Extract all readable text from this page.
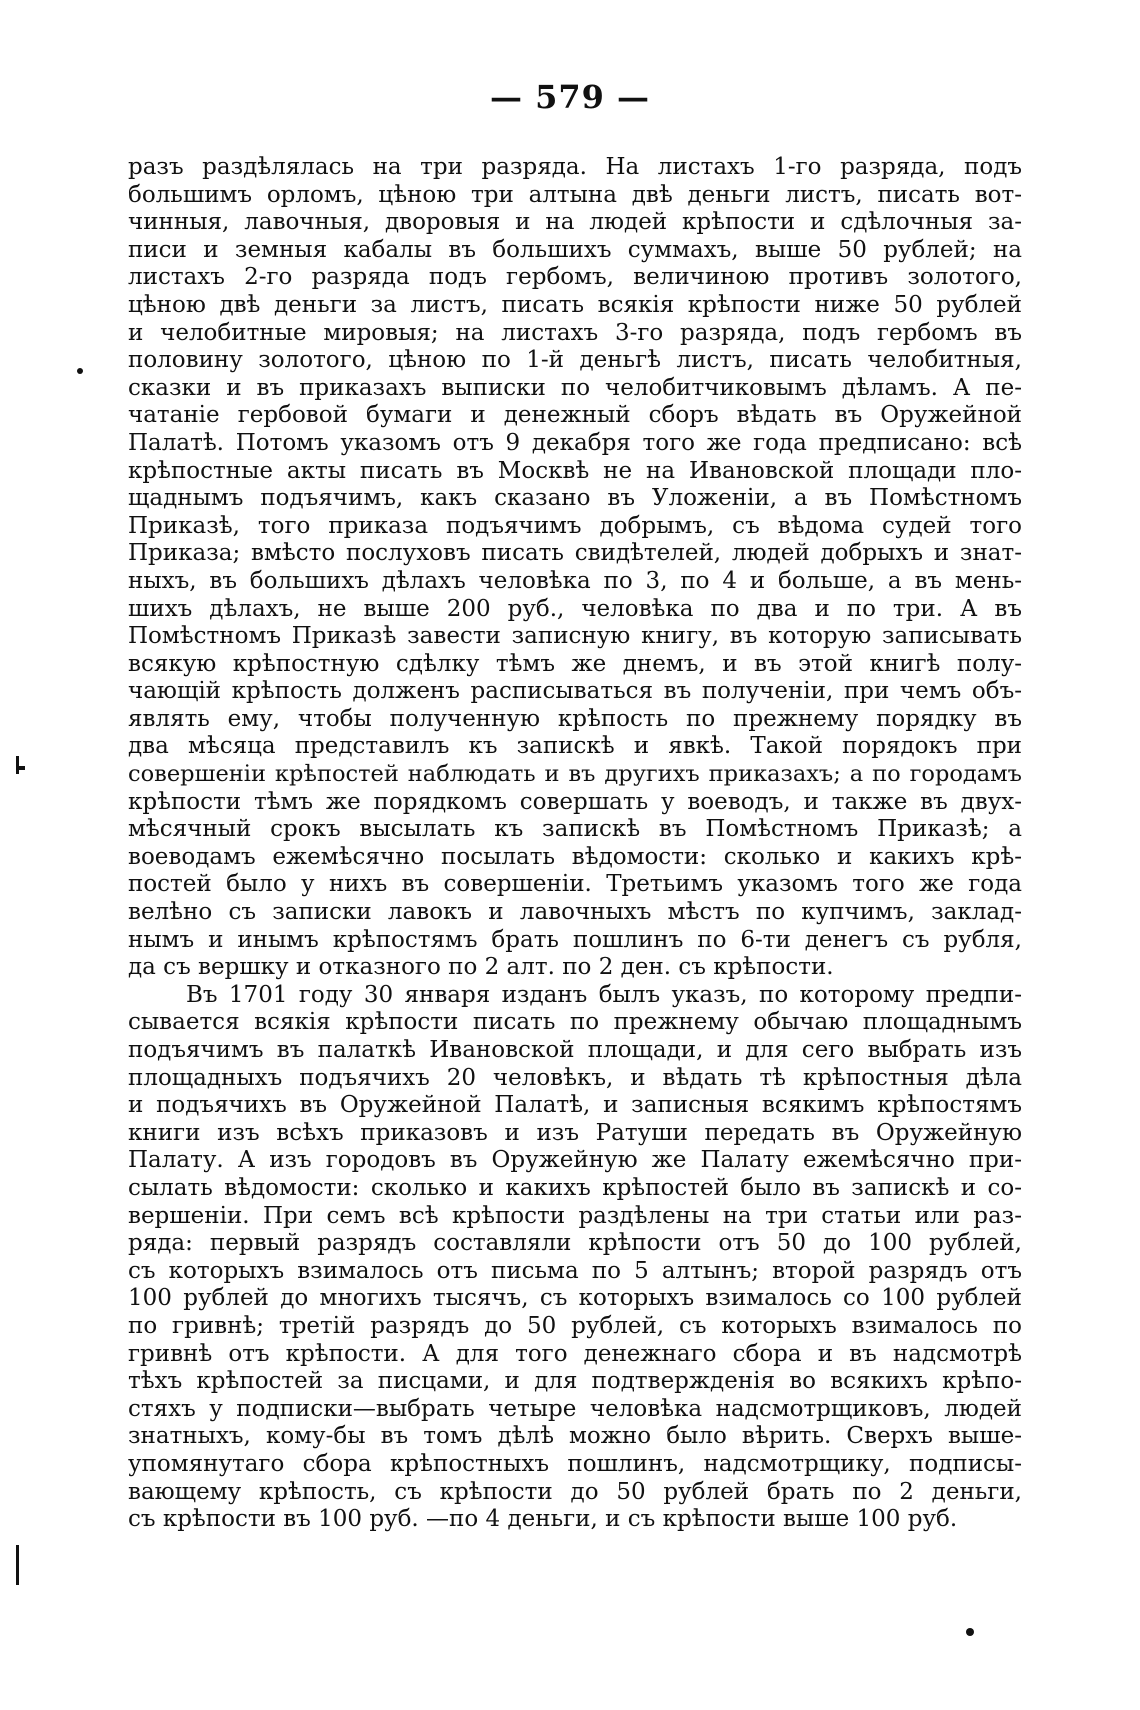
— 579 —
разъ раздѣлялась на три разряда. На листахъ 1-го разряда, подъ
большимъ орломъ, цѣною три алтына двѣ деньги листъ, писать вот-
чинныя, лавочныя, дворовыя и на людей крѣпости и сдѣлочныя за-
писи и земныя кабалы въ большихъ суммахъ, выше 50 рублей; на
листахъ 2-го разряда подъ гербомъ, величиною противъ золотого,
цѣною двѣ деньги за листъ, писать всякія крѣпости ниже 50 рублей
и челобитные мировыя; на листахъ 3-го разряда, подъ гербомъ въ
половину золотого, цѣною по 1-й деньгѣ листъ, писать челобитныя,
сказки и въ приказахъ выписки по челобитчиковымъ дѣламъ. А пе-
чатаніе гербовой бумаги и денежный сборъ вѣдать въ Оружейной
Палатѣ. Потомъ указомъ отъ 9 декабря того же года предписано: всѣ
крѣпостные акты писать въ Москвѣ не на Ивановской площади пло-
щаднымъ подъячимъ, какъ сказано въ Уложеніи, а въ Помѣстномъ
Приказѣ, того приказа подъячимъ добрымъ, съ вѣдома судей того
Приказа; вмѣсто послуховъ писать свидѣтелей, людей добрыхъ и знат-
ныхъ, въ большихъ дѣлахъ человѣка по 3, по 4 и больше, а въ мень-
шихъ дѣлахъ, не выше 200 руб., человѣка по два и по три. А въ
Помѣстномъ Приказѣ завести записную книгу, въ которую записывать
всякую крѣпостную сдѣлку тѣмъ же днемъ, и въ этой книгѣ полу-
чающій крѣпость долженъ расписываться въ полученіи, при чемъ объ-
являть ему, чтобы полученную крѣпость по прежнему порядку въ
два мѣсяца представилъ къ запискѣ и явкѣ. Такой порядокъ при
совершеніи крѣпостей наблюдать и въ другихъ приказахъ; а по городамъ
крѣпости тѣмъ же порядкомъ совершать у воеводъ, и также въ двух-
мѣсячный срокъ высылать къ запискѣ въ Помѣстномъ Приказѣ; а
воеводамъ ежемѣсячно посылать вѣдомости: сколько и какихъ крѣ-
постей было у нихъ въ совершеніи. Третьимъ указомъ того же года
велѣно съ записки лавокъ и лавочныхъ мѣстъ по купчимъ, заклад-
нымъ и инымъ крѣпостямъ брать пошлинъ по 6-ти денегъ съ рубля,
да съ вершку и отказного по 2 алт. по 2 ден. съ крѣпости.
Въ 1701 году 30 января изданъ былъ указъ, по которому предпи-
сывается всякія крѣпости писать по прежнему обычаю площаднымъ
подъячимъ въ палаткѣ Ивановской площади, и для сего выбрать изъ
площадныхъ подъячихъ 20 человѣкъ, и вѣдать тѣ крѣпостныя дѣла
и подъячихъ въ Оружейной Палатѣ, и записныя всякимъ крѣпостямъ
книги изъ всѣхъ приказовъ и изъ Ратуши передать въ Оружейную
Палату. А изъ городовъ въ Оружейную же Палату ежемѣсячно при-
сылать вѣдомости: сколько и какихъ крѣпостей было въ запискѣ и со-
вершеніи. При семъ всѣ крѣпости раздѣлены на три статьи или раз-
ряда: первый разрядъ составляли крѣпости отъ 50 до 100 рублей,
съ которыхъ взималось отъ письма по 5 алтынъ; второй разрядъ отъ
100 рублей до многихъ тысячъ, съ которыхъ взималось со 100 рублей
по гривнѣ; третій разрядъ до 50 рублей, съ которыхъ взималось по
гривнѣ отъ крѣпости. А для того денежнаго сбора и въ надсмотрѣ
тѣхъ крѣпостей за писцами, и для подтвержденія во всякихъ крѣпо-
стяхъ у подписки—выбрать четыре человѣка надсмотрщиковъ, людей
знатныхъ, кому-бы въ томъ дѣлѣ можно было вѣрить. Сверхъ выше-
упомянутаго сбора крѣпостныхъ пошлинъ, надсмотрщику, подписы-
вающему крѣпость, съ крѣпости до 50 рублей брать по 2 деньги,
съ крѣпости въ 100 руб. —по 4 деньги, и съ крѣпости выше 100 руб.
